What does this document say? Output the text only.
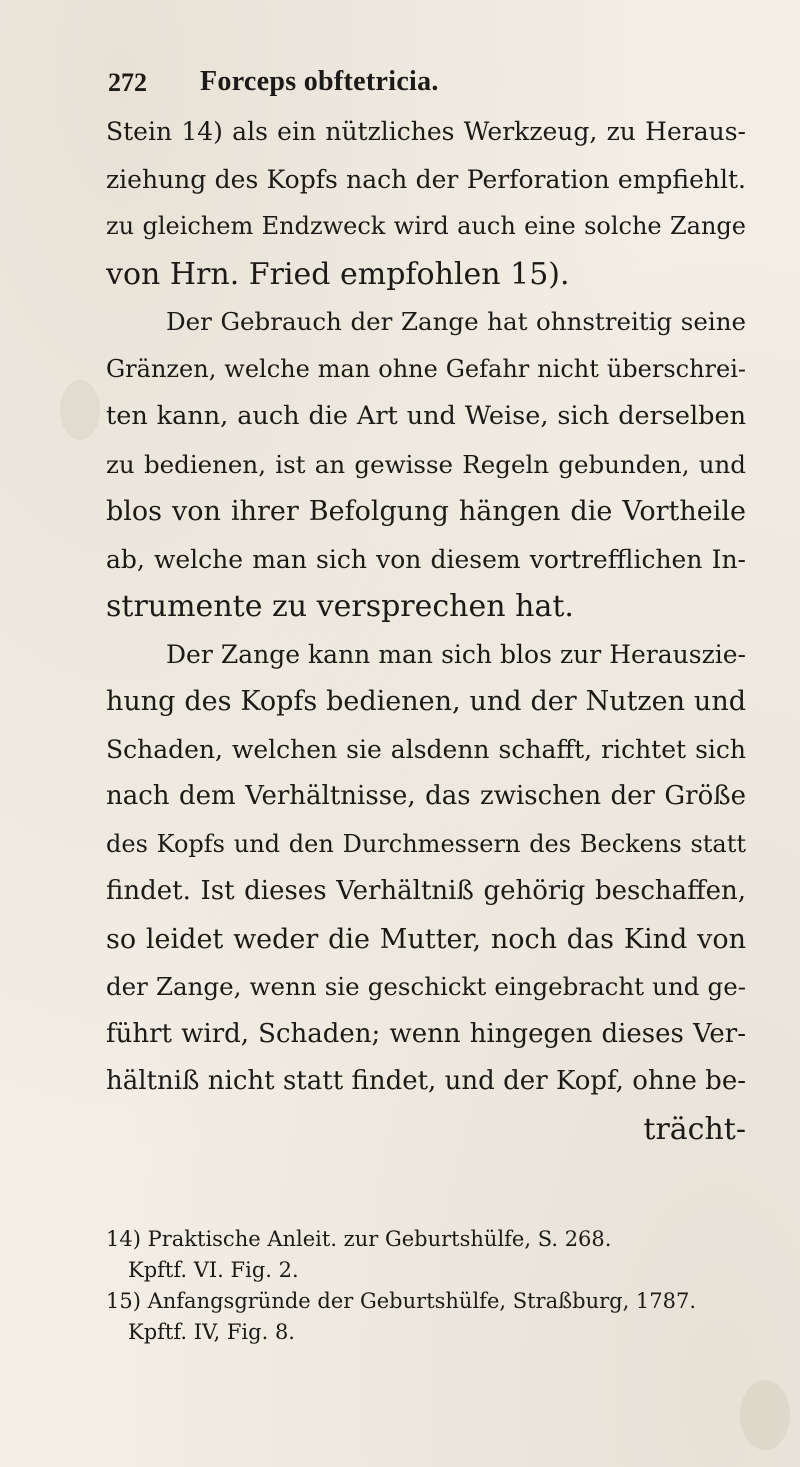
272 Forceps obftetricia.
Stein 14) als ein nützliches Werkzeug, zu Heraus-
ziehung des Kopfs nach der Perforation empfiehlt.
zu gleichem Endzweck wird auch eine solche Zange
von Hrn. Fried empfohlen 15).
Der Gebrauch der Zange hat ohnstreitig seine
Gränzen, welche man ohne Gefahr nicht überschrei-
ten kann, auch die Art und Weise, sich derselben
zu bedienen, ist an gewisse Regeln gebunden, und
blos von ihrer Befolgung hängen die Vortheile
ab, welche man sich von diesem vortrefflichen In-
strumente zu versprechen hat.
Der Zange kann man sich blos zur Herauszie-
hung des Kopfs bedienen, und der Nutzen und
Schaden, welchen sie alsdenn schafft, richtet sich
nach dem Verhältnisse, das zwischen der Größe
des Kopfs und den Durchmessern des Beckens statt
findet. Ist dieses Verhältniß gehörig beschaffen,
so leidet weder die Mutter, noch das Kind von
der Zange, wenn sie geschickt eingebracht und ge-
führt wird, Schaden; wenn hingegen dieses Ver-
hältniß nicht statt findet, und der Kopf, ohne be-
trächt-
14) Praktische Anleit. zur Geburtshülfe, S. 268.
Kpftf. VI. Fig. 2.
15) Anfangsgründe der Geburtshülfe, Straßburg, 1787.
Kpftf. IV, Fig. 8.
